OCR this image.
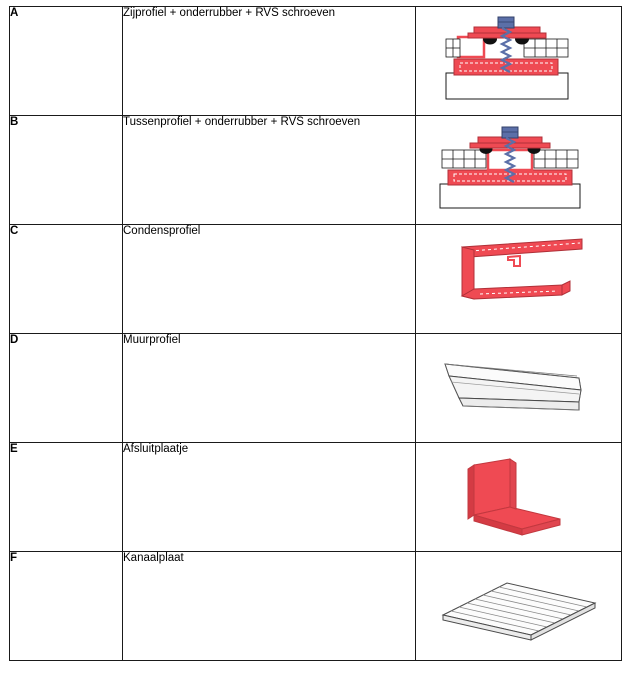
A	Zijprofiel + onderrubber + RVS schroeven	

B	Tussenprofiel + onderrubber + RVS schroeven	

C	Condensprofiel	

D	Muurprofiel	

E	Afsluitplaatje	

F	Kanaalplaat	
